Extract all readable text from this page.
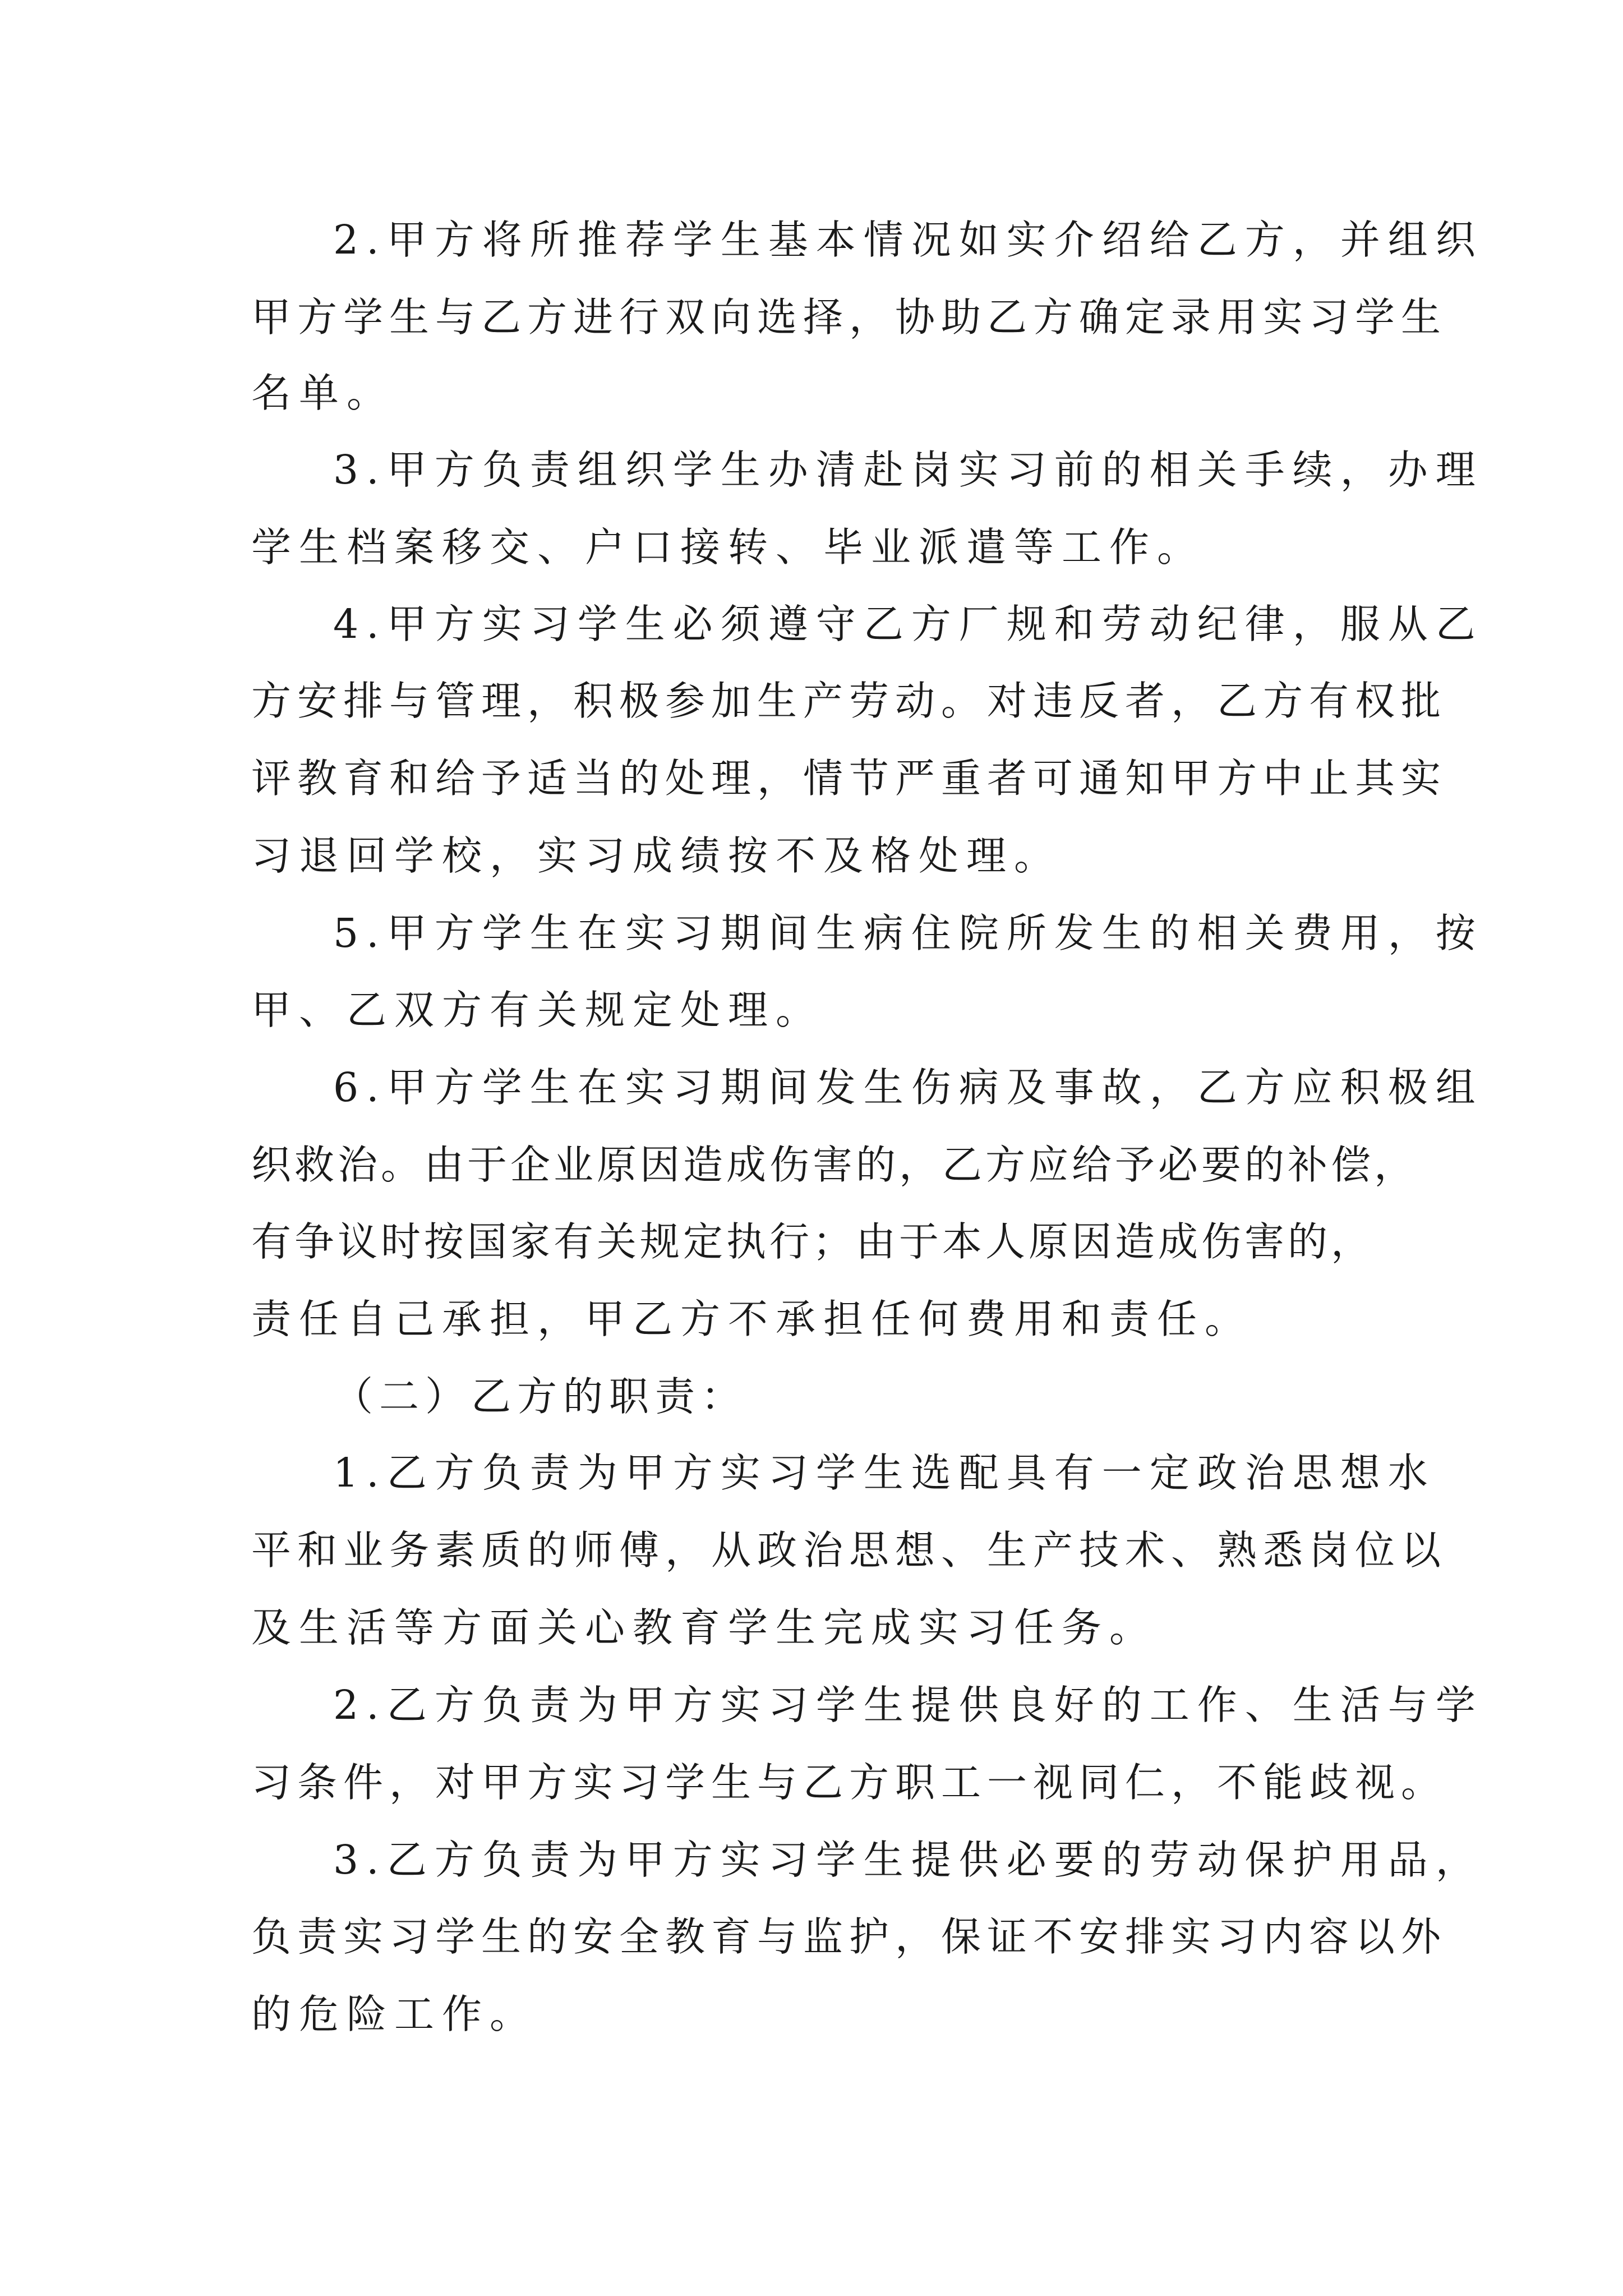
2.甲方将所推荐学生基本情况如实介绍给乙方，并组织
甲方学生与乙方进行双向选择，协助乙方确定录用实习学生
名单。
3.甲方负责组织学生办清赴岗实习前的相关手续，办理
学生档案移交、户口接转、毕业派遣等工作。
4.甲方实习学生必须遵守乙方厂规和劳动纪律，服从乙
方安排与管理，积极参加生产劳动。对违反者，乙方有权批
评教育和给予适当的处理，情节严重者可通知甲方中止其实
习退回学校，实习成绩按不及格处理。
5.甲方学生在实习期间生病住院所发生的相关费用，按
甲、乙双方有关规定处理。
6.甲方学生在实习期间发生伤病及事故，乙方应积极组
织救治。由于企业原因造成伤害的，乙方应给予必要的补偿，
有争议时按国家有关规定执行；由于本人原因造成伤害的，
责任自己承担，甲乙方不承担任何费用和责任。
（二）乙方的职责：
1.乙方负责为甲方实习学生选配具有一定政治思想水
平和业务素质的师傅，从政治思想、生产技术、熟悉岗位以
及生活等方面关心教育学生完成实习任务。
2.乙方负责为甲方实习学生提供良好的工作、生活与学
习条件，对甲方实习学生与乙方职工一视同仁，不能歧视。
3.乙方负责为甲方实习学生提供必要的劳动保护用品，
负责实习学生的安全教育与监护，保证不安排实习内容以外
的危险工作。
